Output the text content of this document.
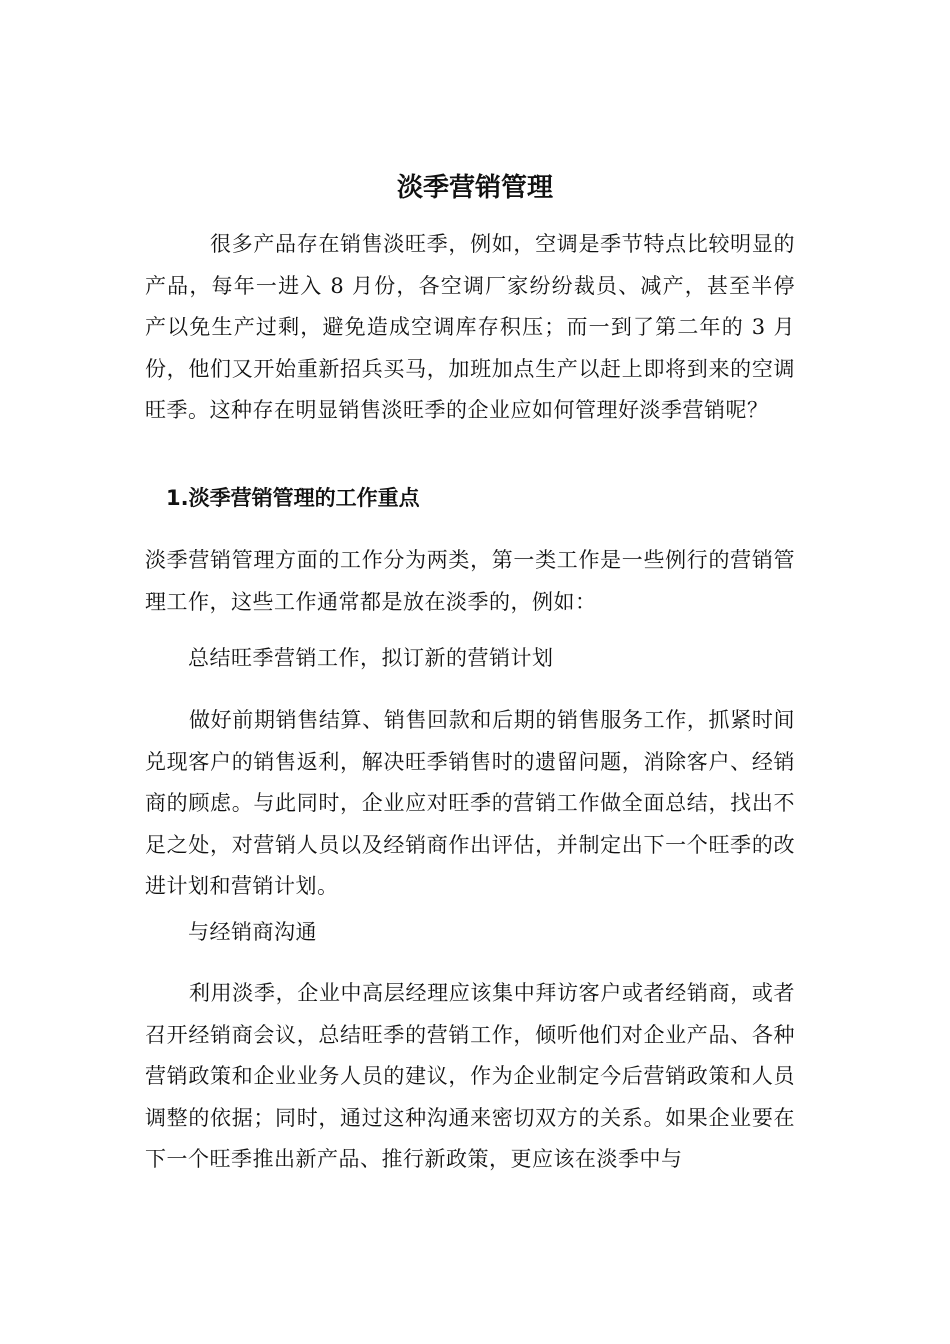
淡季营销管理

很多产品存在销售淡旺季，例如，空调是季节特点比较明显的产品，每年一进入 8 月份，各空调厂家纷纷裁员、减产，甚至半停产以免生产过剩，避免造成空调库存积压；而一到了第二年的 3 月份，他们又开始重新招兵买马，加班加点生产以赶上即将到来的空调旺季。这种存在明显销售淡旺季的企业应如何管理好淡季营销呢？

1.淡季营销管理的工作重点

淡季营销管理方面的工作分为两类，第一类工作是一些例行的营销管理工作，这些工作通常都是放在淡季的，例如：

总结旺季营销工作，拟订新的营销计划

做好前期销售结算、销售回款和后期的销售服务工作，抓紧时间兑现客户的销售返利，解决旺季销售时的遗留问题，消除客户、经销商的顾虑。与此同时，企业应对旺季的营销工作做全面总结，找出不足之处，对营销人员以及经销商作出评估，并制定出下一个旺季的改进计划和营销计划。

与经销商沟通

利用淡季，企业中高层经理应该集中拜访客户或者经销商，或者召开经销商会议，总结旺季的营销工作，倾听他们对企业产品、各种营销政策和企业业务人员的建议，作为企业制定今后营销政策和人员调整的依据；同时，通过这种沟通来密切双方的关系。如果企业要在下一个旺季推出新产品、推行新政策，更应该在淡季中与
